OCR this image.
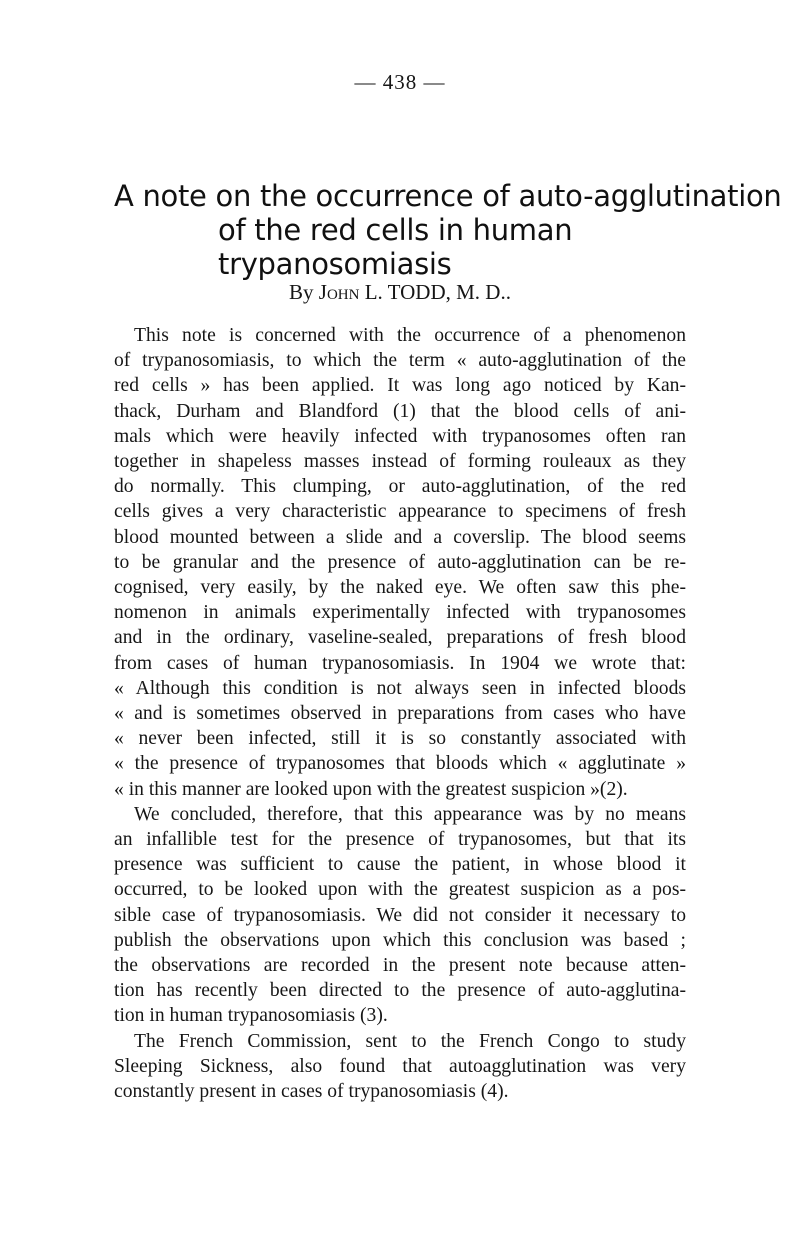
— 438 —
A note on the occurrence of auto-agglutination
of the red cells in human trypanosomiasis
By John L. TODD, M. D..
This note is concerned with the occurrence of a phenomenon
of trypanosomiasis, to which the term « auto-agglutination of the
red cells » has been applied. It was long ago noticed by Kan-
thack, Durham and Blandford (1) that the blood cells of ani-
mals which were heavily infected with trypanosomes often ran
together in shapeless masses instead of forming rouleaux as they
do normally. This clumping, or auto-agglutination, of the red
cells gives a very characteristic appearance to specimens of fresh
blood mounted between a slide and a coverslip. The blood seems
to be granular and the presence of auto-agglutination can be re-
cognised, very easily, by the naked eye. We often saw this phe-
nomenon in animals experimentally infected with trypanosomes
and in the ordinary, vaseline-sealed, preparations of fresh blood
from cases of human trypanosomiasis. In 1904 we wrote that:
« Although this condition is not always seen in infected bloods
« and is sometimes observed in preparations from cases who have
« never been infected, still it is so constantly associated with
« the presence of trypanosomes that bloods which « agglutinate »
« in this manner are looked upon with the greatest suspicion »(2).
We concluded, therefore, that this appearance was by no means
an infallible test for the presence of trypanosomes, but that its
presence was sufficient to cause the patient, in whose blood it
occurred, to be looked upon with the greatest suspicion as a pos-
sible case of trypanosomiasis. We did not consider it necessary to
publish the observations upon which this conclusion was based ;
the observations are recorded in the present note because atten-
tion has recently been directed to the presence of auto-agglutina-
tion in human trypanosomiasis (3).
The French Commission, sent to the French Congo to study
Sleeping Sickness, also found that autoagglutination was very
constantly present in cases of trypanosomiasis (4).
